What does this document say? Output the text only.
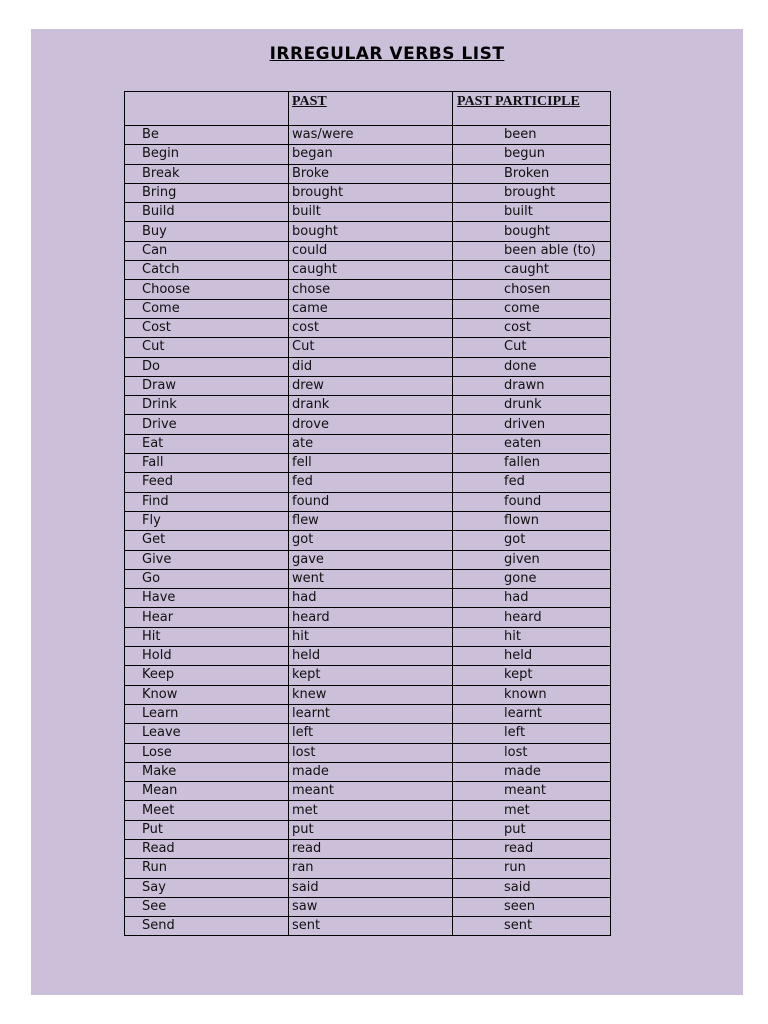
IRREGULAR VERBS LIST
	PAST	PAST PARTICIPLE
Be	was/were	been
Begin	began	begun
Break	Broke	Broken
Bring	brought	brought
Build	built	built
Buy	bought	bought
Can	could	been able (to)
Catch	caught	caught
Choose	chose	chosen
Come	came	come
Cost	cost	cost
Cut	Cut	Cut
Do	did	done
Draw	drew	drawn
Drink	drank	drunk
Drive	drove	driven
Eat	ate	eaten
Fall	fell	fallen
Feed	fed	fed
Find	found	found
Fly	flew	flown
Get	got	got
Give	gave	given
Go	went	gone
Have	had	had
Hear	heard	heard
Hit	hit	hit
Hold	held	held
Keep	kept	kept
Know	knew	known
Learn	learnt	learnt
Leave	left	left
Lose	lost	lost
Make	made	made
Mean	meant	meant
Meet	met	met
Put	put	put
Read	read	read
Run	ran	run
Say	said	said
See	saw	seen
Send	sent	sent
